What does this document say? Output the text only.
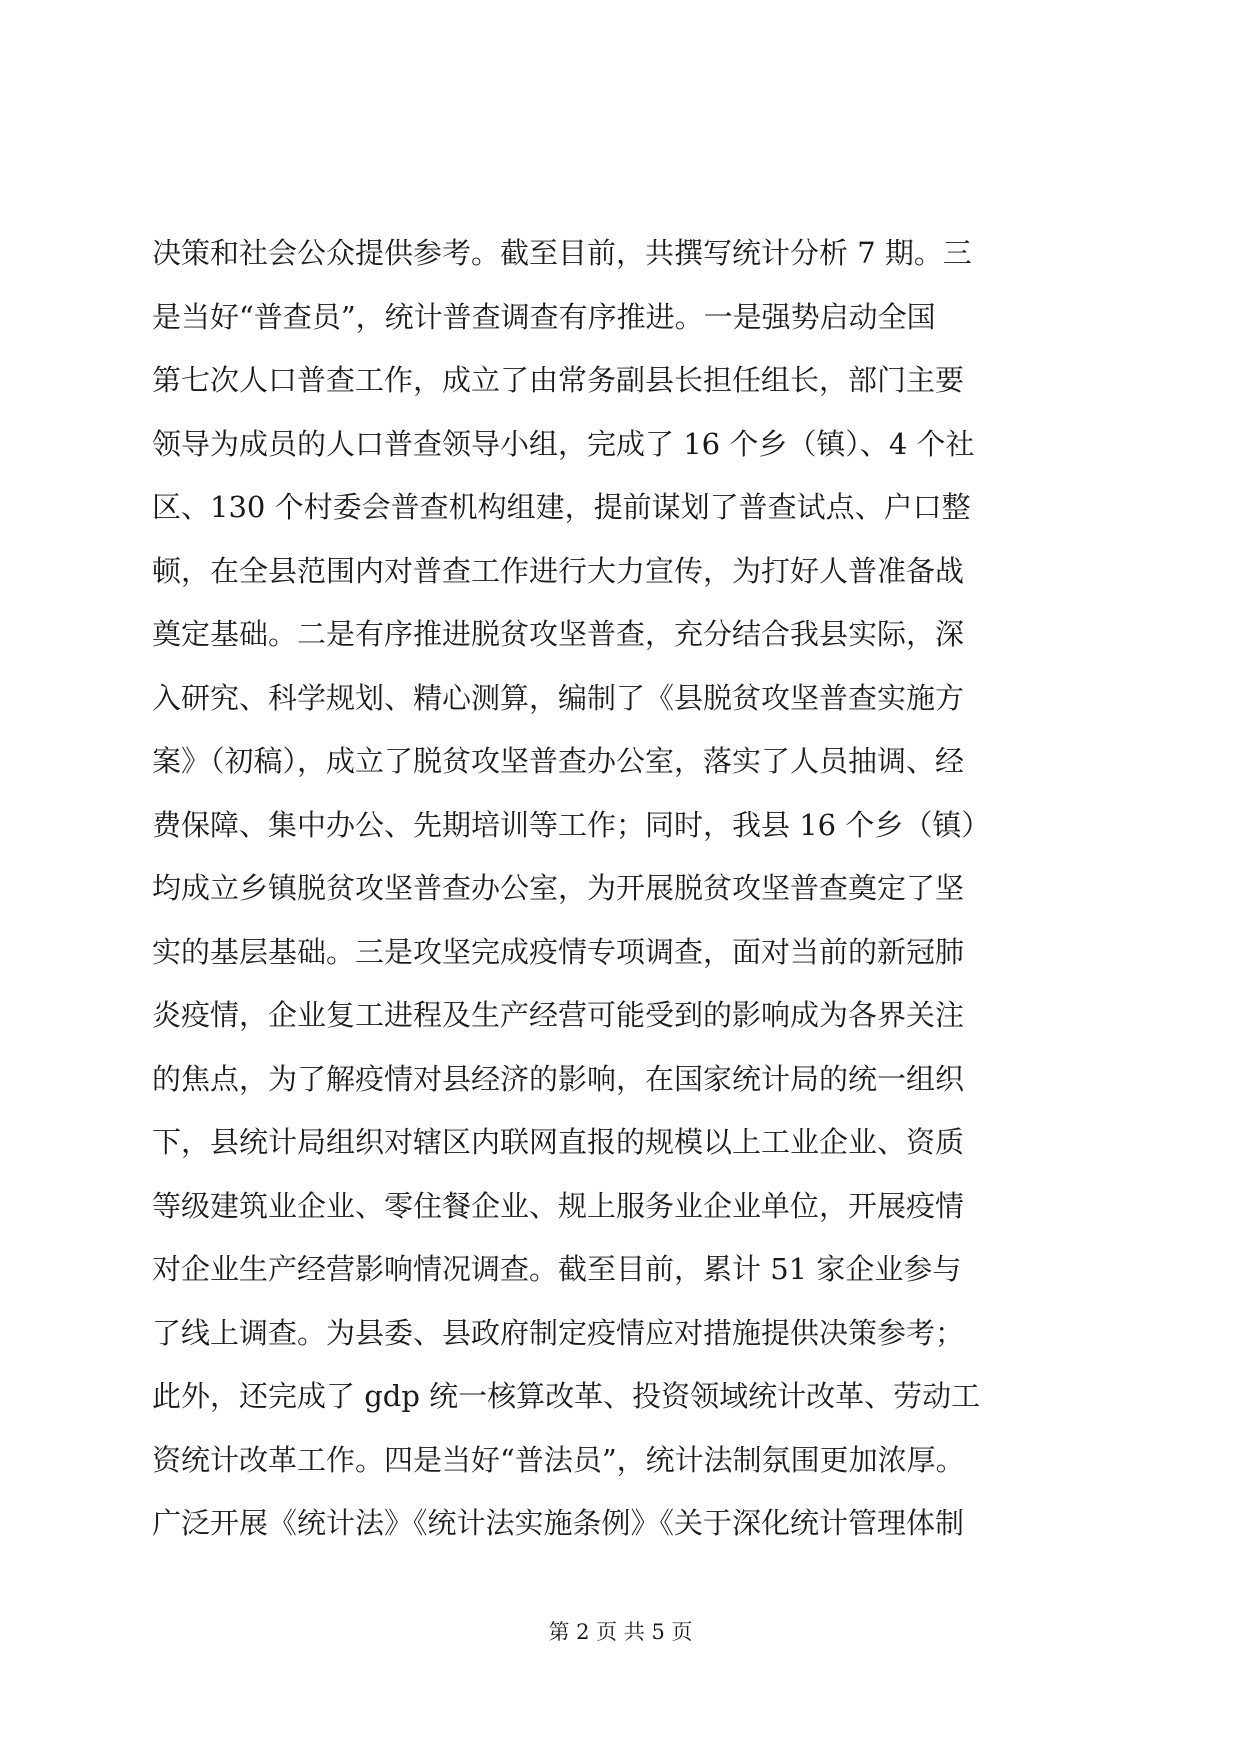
决策和社会公众提供参考。截至目前，共撰写统计分析 7 期。三
是当好“普查员”，统计普查调查有序推进。一是强势启动全国
第七次人口普查工作，成立了由常务副县长担任组长，部门主要
领导为成员的人口普查领导小组，完成了 16 个乡（镇）、4 个社
区、130 个村委会普查机构组建，提前谋划了普查试点、户口整
顿，在全县范围内对普查工作进行大力宣传，为打好人普准备战
奠定基础。二是有序推进脱贫攻坚普查，充分结合我县实际，深
入研究、科学规划、精心测算，编制了《县脱贫攻坚普查实施方
案》（初稿），成立了脱贫攻坚普查办公室，落实了人员抽调、经
费保障、集中办公、先期培训等工作；同时，我县 16 个乡（镇）
均成立乡镇脱贫攻坚普查办公室，为开展脱贫攻坚普查奠定了坚
实的基层基础。三是攻坚完成疫情专项调查，面对当前的新冠肺
炎疫情，企业复工进程及生产经营可能受到的影响成为各界关注
的焦点，为了解疫情对县经济的影响，在国家统计局的统一组织
下，县统计局组织对辖区内联网直报的规模以上工业企业、资质
等级建筑业企业、零住餐企业、规上服务业企业单位，开展疫情
对企业生产经营影响情况调查。截至目前，累计 51 家企业参与
了线上调查。为县委、县政府制定疫情应对措施提供决策参考；
此外，还完成了 gdp 统一核算改革、投资领域统计改革、劳动工
资统计改革工作。四是当好“普法员”，统计法制氛围更加浓厚。
广泛开展《统计法》《统计法实施条例》《关于深化统计管理体制
第 2 页 共 5 页
